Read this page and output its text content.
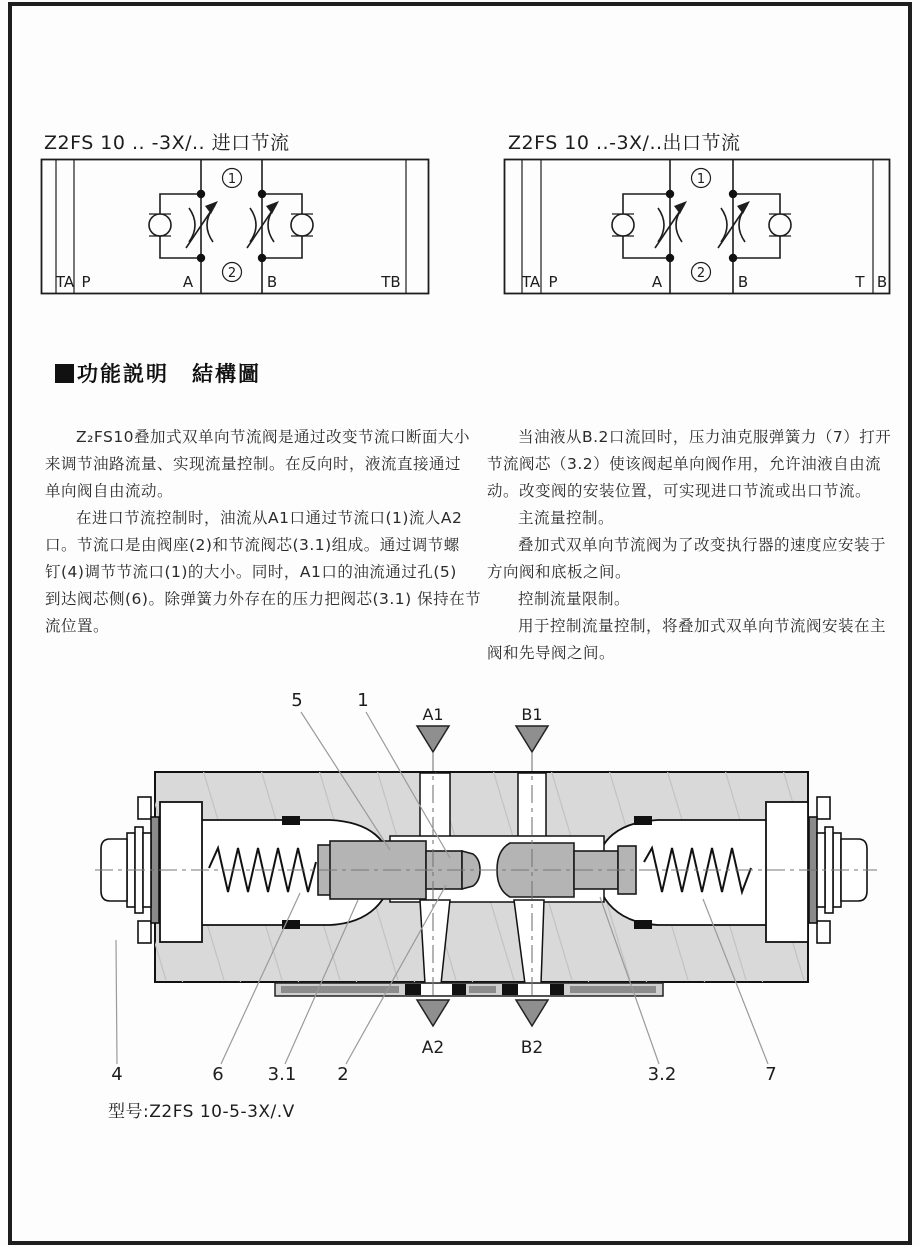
Z2FS 10 .. -3X/.. 进口节流	Z2FS 10 ..-3X/..出口节流
1
2
TA P	A	B	TB
1
2
TA P	A	B	T B
功能説明　結構圖
Z₂FS10叠加式双单向节流阀是通过改变节流口断面大小
来调节油路流量、实现流量控制。在反向时，液流直接通过
单向阀自由流动。
在进口节流控制时，油流从A1口通过节流口(1)流人A2
口。节流口是由阀座(2)和节流阀芯(3.1)组成。通过调节螺
钉(4)调节节流口(1)的大小。同时，A1口的油流通过孔(5)
到达阀芯侧(6)。除弹簧力外存在的压力把阀芯(3.1) 保持在节
流位置。
当油液从B.2口流回时，压力油克服弹簧力（7）打开
节流阀芯（3.2）使该阀起单向阀作用，允许油液自由流
动。改变阀的安装位置，可实现进口节流或出口节流。
主流量控制。
叠加式双单向节流阀为了改变执行器的速度应安装于
方向阀和底板之间。
控制流量限制。
用于控制流量控制，将叠加式双单向节流阀安装在主
阀和先导阀之间。
5	1
A1	B1
A2	B2
4	6 3.1 2	3.2	7
型号:Z2FS 10-5-3X/.V
